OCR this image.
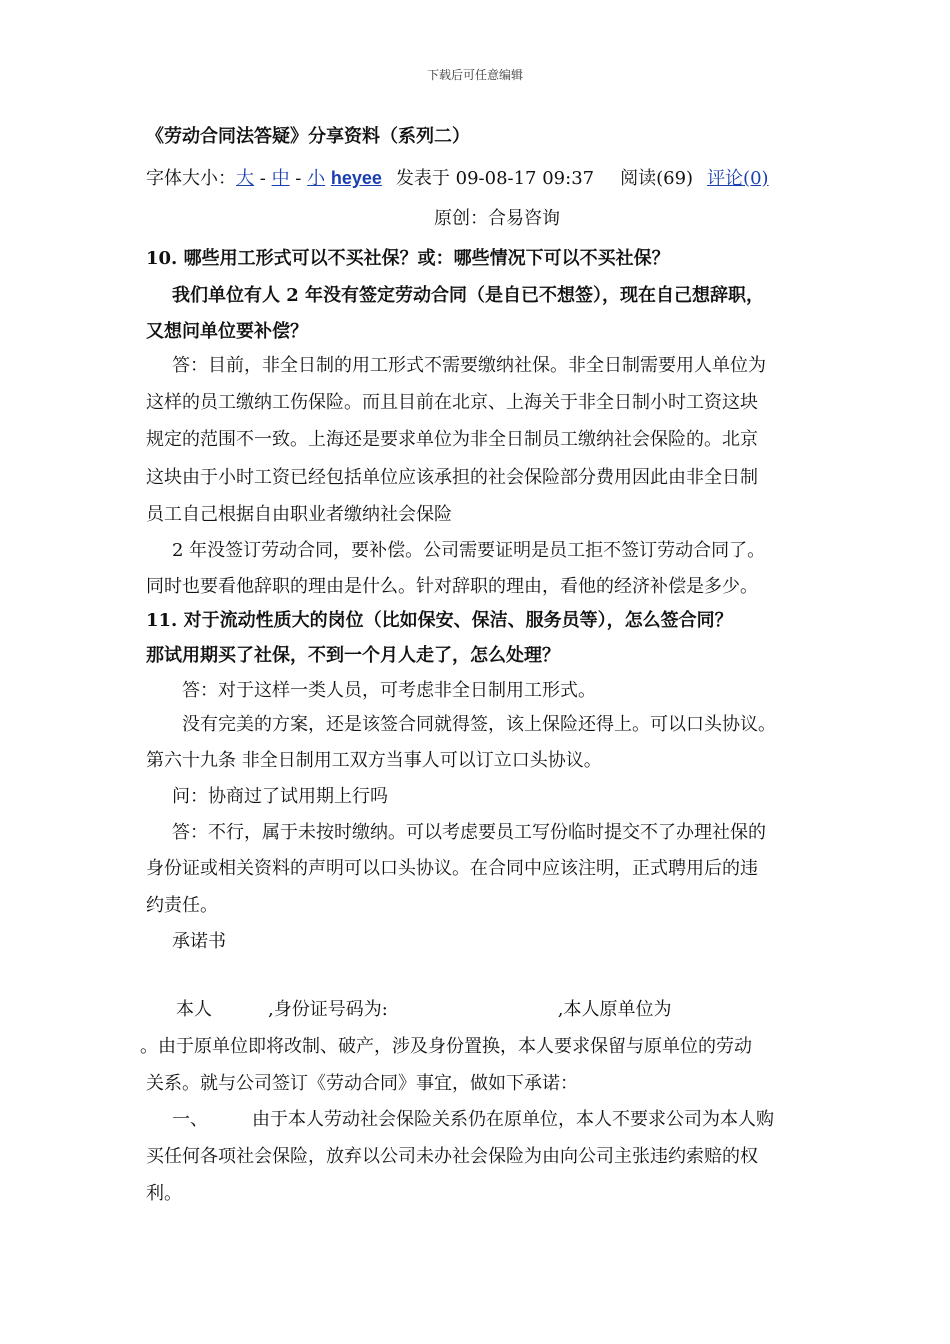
下载后可任意编辑
《劳动合同法答疑》分享资料（系列二）
字体大小：大 - 中 - 小 heyee 发表于 09-08-17 09:37 阅读(69) 评论(0)
原创：合易咨询
10. 哪些用工形式可以不买社保？或：哪些情况下可以不买社保？
我们单位有人 2 年没有签定劳动合同（是自已不想签），现在自己想辞职，
又想问单位要补偿？
答：目前，非全日制的用工形式不需要缴纳社保。非全日制需要用人单位为
这样的员工缴纳工伤保险。而且目前在北京、上海关于非全日制小时工资这块
规定的范围不一致。上海还是要求单位为非全日制员工缴纳社会保险的。北京
这块由于小时工资已经包括单位应该承担的社会保险部分费用因此由非全日制
员工自己根据自由职业者缴纳社会保险
2 年没签订劳动合同，要补偿。公司需要证明是员工拒不签订劳动合同了。
同时也要看他辞职的理由是什么。针对辞职的理由，看他的经济补偿是多少。
11. 对于流动性质大的岗位（比如保安、保洁、服务员等），怎么签合同？
那试用期买了社保，不到一个月人走了，怎么处理？
答：对于这样一类人员，可考虑非全日制用工形式。
没有完美的方案，还是该签合同就得签，该上保险还得上。可以口头协议。
第六十九条 非全日制用工双方当事人可以订立口头协议。
问：协商过了试用期上行吗
答：不行，属于未按时缴纳。可以考虑要员工写份临时提交不了办理社保的
身份证或相关资料的声明可以口头协议。在合同中应该注明，正式聘用后的违
约责任。
承诺书
本人	,身份证号码为:	,本人原单位为
。由于原单位即将改制、破产，涉及身份置换，本人要求保留与原单位的劳动
关系。就与公司签订《劳动合同》事宜，做如下承诺：
一、 由于本人劳动社会保险关系仍在原单位，本人不要求公司为本人购
买任何各项社会保险，放弃以公司未办社会保险为由向公司主张违约索赔的权
利。
